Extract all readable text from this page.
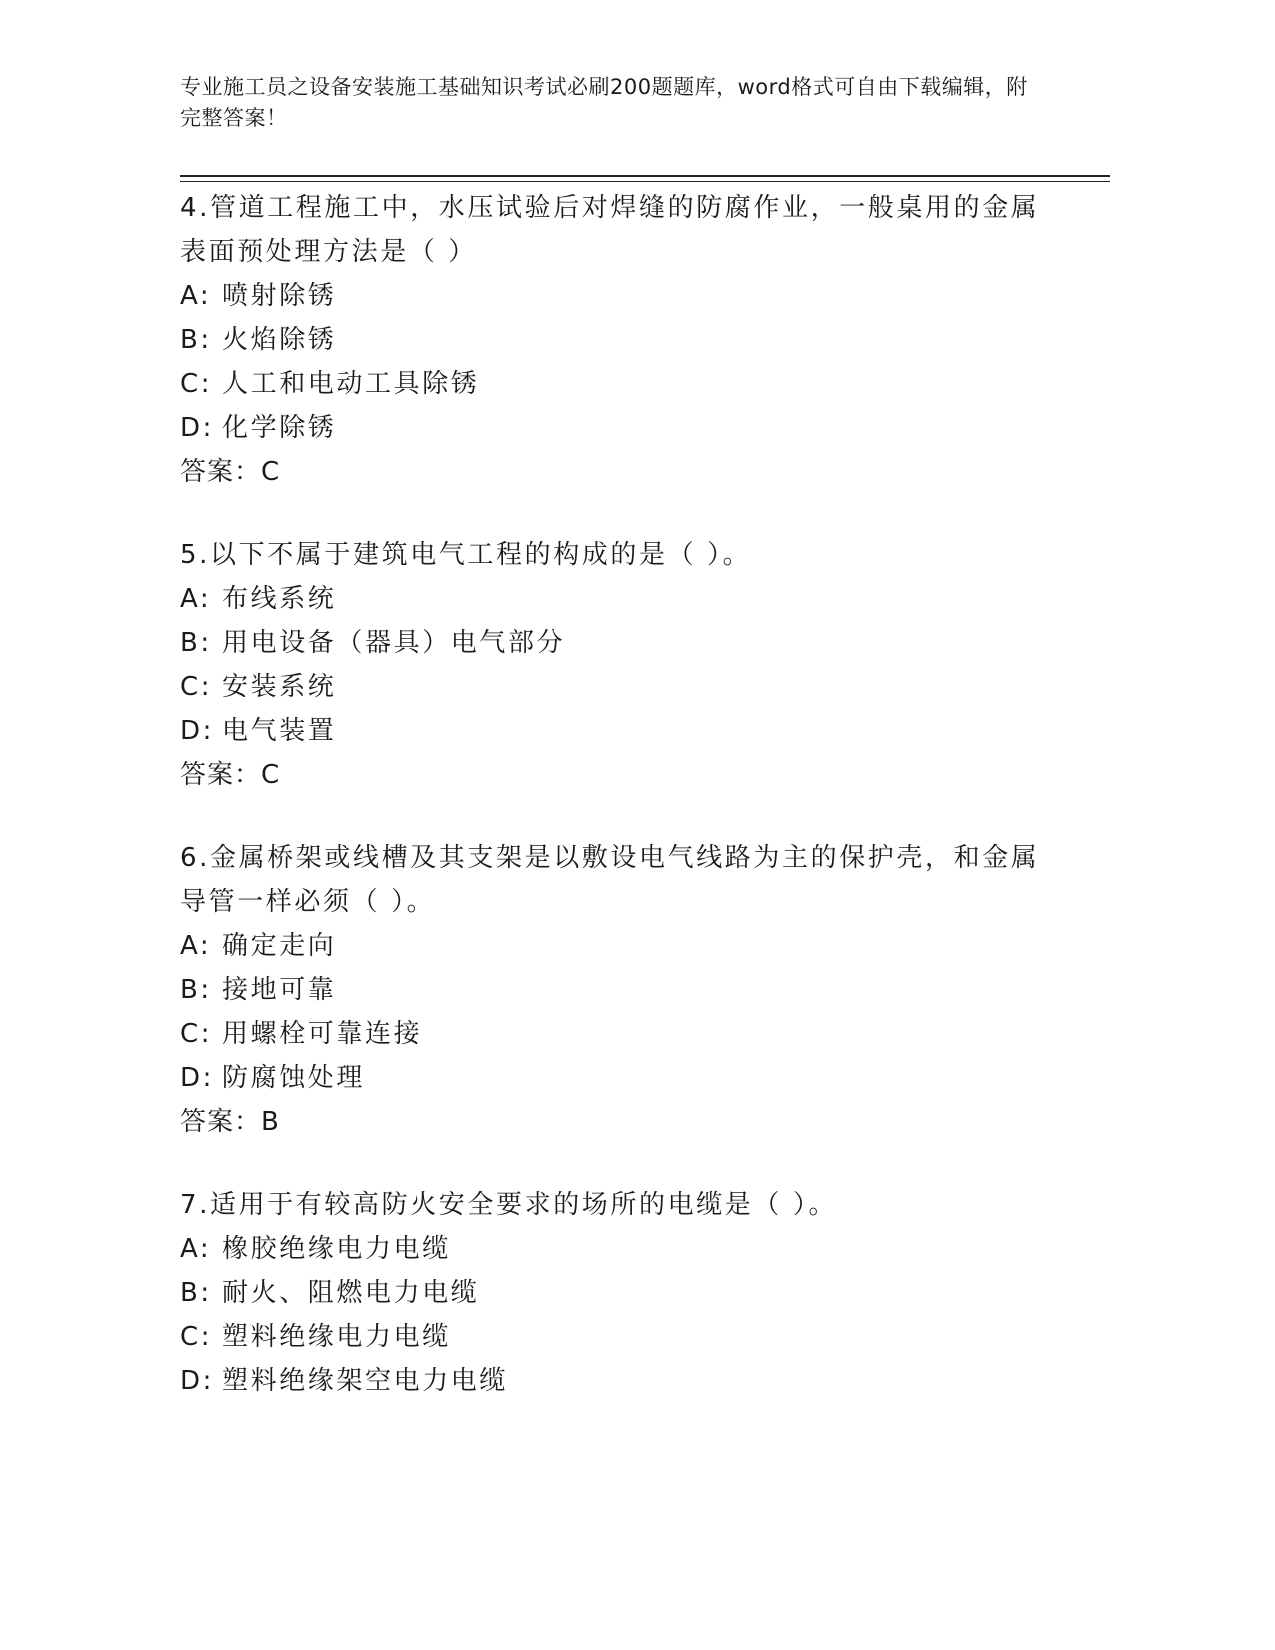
专业施工员之设备安装施工基础知识考试必刷200题题库，word格式可自由下载编辑，附完整答案！
4.管道工程施工中，水压试验后对焊缝的防腐作业，一般桌用的金属表面预处理方法是（ ）
A: 喷射除锈
B: 火焰除锈
C: 人工和电动工具除锈
D: 化学除锈
答案：C
5.以下不属于建筑电气工程的构成的是（ ）。
A: 布线系统
B: 用电设备（器具）电气部分
C: 安装系统
D: 电气装置
答案：C
6.金属桥架或线槽及其支架是以敷设电气线路为主的保护壳，和金属导管一样必须（ ）。
A: 确定走向
B: 接地可靠
C: 用螺栓可靠连接
D: 防腐蚀处理
答案：B
7.适用于有较高防火安全要求的场所的电缆是（ ）。
A: 橡胶绝缘电力电缆
B: 耐火、阻燃电力电缆
C: 塑料绝缘电力电缆
D: 塑料绝缘架空电力电缆
